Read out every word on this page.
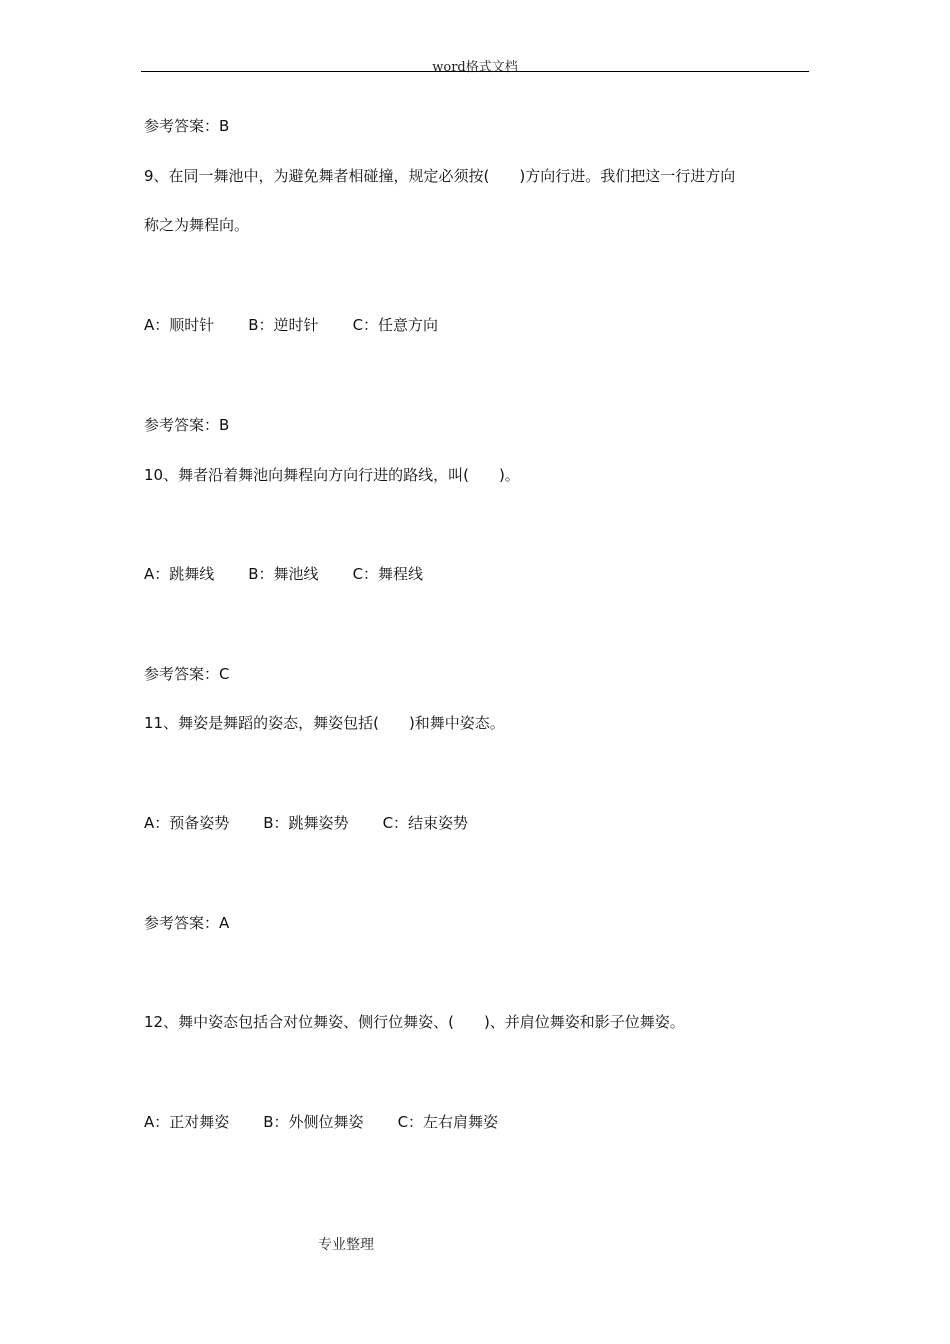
word格式文档
参考答案：B
9、在同一舞池中，为避免舞者相碰撞，规定必须按(　　)方向行进。我们把这一行进方向
称之为舞程向。
A：顺时针 B：逆时针 C：任意方向
参考答案：B
10、舞者沿着舞池向舞程向方向行进的路线，叫(　　)。
A：跳舞线 B：舞池线 C：舞程线
参考答案：C
11、舞姿是舞蹈的姿态，舞姿包括(　　)和舞中姿态。
A：预备姿势 B：跳舞姿势 C：结束姿势
参考答案：A
12、舞中姿态包括合对位舞姿、侧行位舞姿、(　　)、并肩位舞姿和影子位舞姿。
A：正对舞姿 B：外侧位舞姿 C：左右肩舞姿
专业整理
